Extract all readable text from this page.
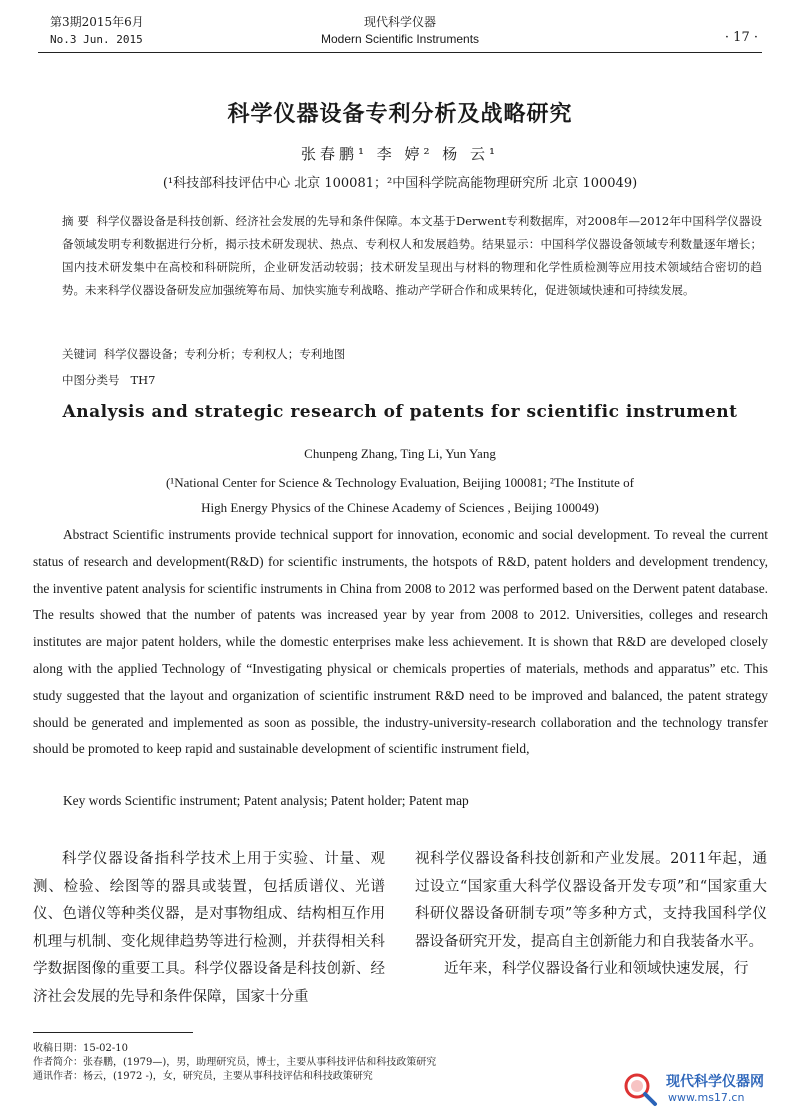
第3期2015年6月
No.3 Jun. 2015
现代科学仪器
Modern Scientific Instruments	· 17 ·
科学仪器设备专利分析及战略研究
张春鹏¹ 李 婷² 杨 云¹
(¹科技部科技评估中心 北京 100081；²中国科学院高能物理研究所 北京 100049)
摘 要 科学仪器设备是科技创新、经济社会发展的先导和条件保障。本文基于Derwent专利数据库，对2008年—2012年中国科学仪器设备领域发明专利数据进行分析，揭示技术研发现状、热点、专利权人和发展趋势。结果显示：中国科学仪器设备领域专利数量逐年增长；国内技术研发集中在高校和科研院所，企业研发活动较弱；技术研发呈现出与材料的物理和化学性质检测等应用技术领域结合密切的趋势。未来科学仪器设备研发应加强统筹布局、加快实施专利战略、推动产学研合作和成果转化，促进领域快速和可持续发展。
关键词 科学仪器设备；专利分析；专利权人；专利地图
中图分类号 TH7
Analysis and strategic research of patents for scientific instrument
Chunpeng Zhang, Ting Li, Yun Yang
(¹National Center for Science & Technology Evaluation, Beijing 100081; ²The Institute of
High Energy Physics of the Chinese Academy of Sciences , Beijing 100049)
Abstract Scientific instruments provide technical support for innovation, economic and social development. To reveal the current status of research and development(R&D) for scientific instruments, the hotspots of R&D, patent holders and development trendency, the inventive patent analysis for scientific instruments in China from 2008 to 2012 was performed based on the Derwent patent database. The results showed that the number of patents was increased year by year from 2008 to 2012. Universities, colleges and research institutes are major patent holders, while the domestic enterprises make less achievement. It is shown that R&D are developed closely along with the applied Technology of “Investigating physical or chemicals properties of materials, methods and apparatus” etc. This study suggested that the layout and organization of scientific instrument R&D need to be improved and balanced, the patent strategy should be generated and implemented as soon as possible, the industry-university-research collaboration and the technology transfer should be promoted to keep rapid and sustainable development of scientific instrument field,
Key words Scientific instrument; Patent analysis; Patent holder; Patent map

科学仪器设备指科学技术上用于实验、计量、观测、检验、绘图等的器具或装置，包括质谱仪、光谱仪、色谱仪等种类仪器，是对事物组成、结构相互作用机理与机制、变化规律趋势等进行检测，并获得相关科学数据图像的重要工具。科学仪器设备是科技创新、经济社会发展的先导和条件保障，国家十分重

视科学仪器设备科技创新和产业发展。2011年起，通过设立“国家重大科学仪器设备开发专项”和“国家重大科研仪器设备研制专项”等多种方式，支持我国科学仪器设备研究开发，提高自主创新能力和自我装备水平。

近年来，科学仪器设备行业和领域快速发展，行

收稿日期：15-02-10
作者简介：张春鹏，(1979—)，男，助理研究员，博士，主要从事科技评估和科技政策研究
通讯作者：杨云，(1972 -)，女，研究员，主要从事科技评估和科技政策研究	现代科学仪器网
www.ms17.cn
